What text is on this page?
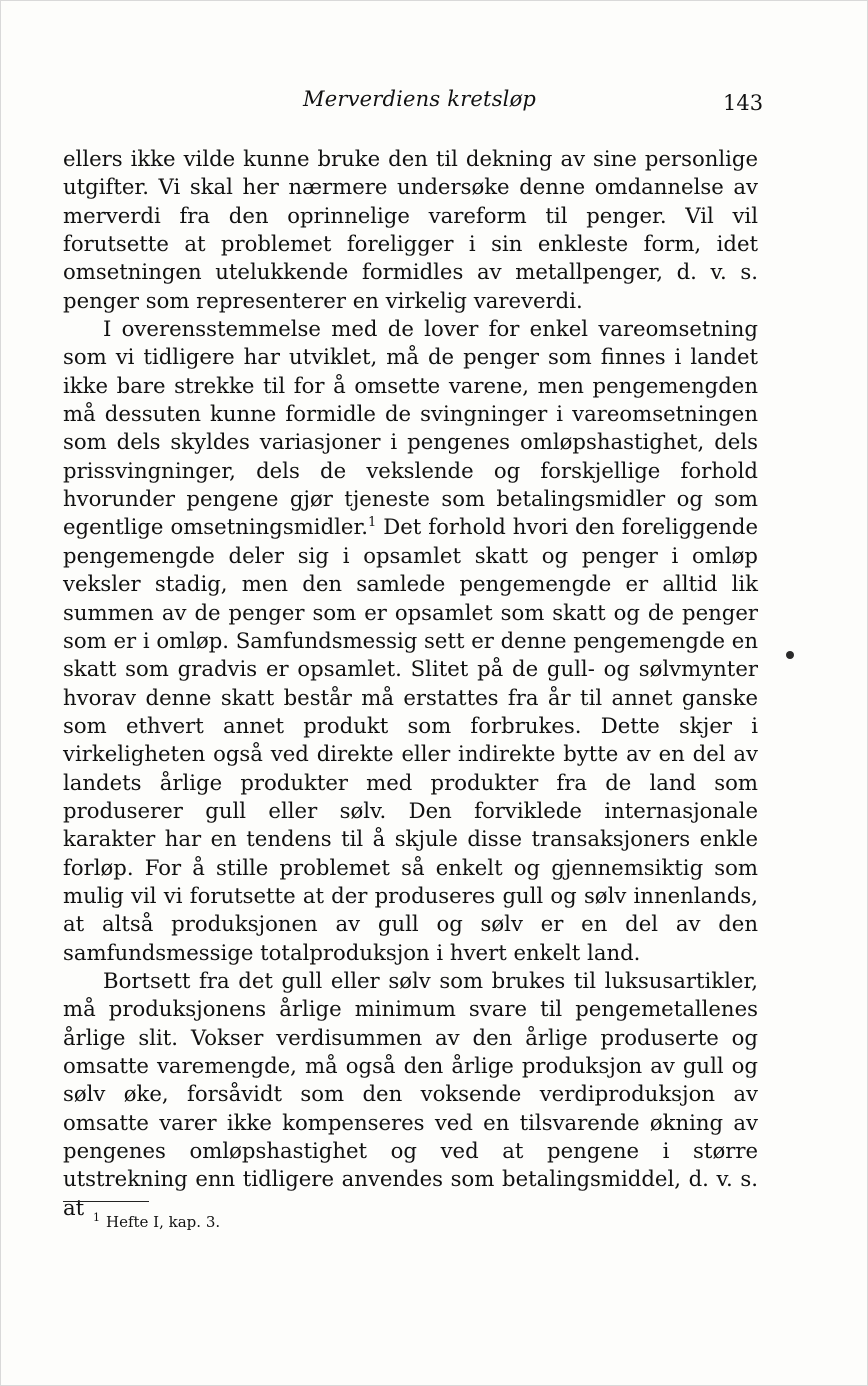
Merverdiens kretsløp	143

ellers ikke vilde kunne bruke den til dekning av sine personlige utgifter. Vi skal her nærmere undersøke denne omdannelse av merverdi fra den oprinnelige vareform til penger. Vil vil forutsette at problemet foreligger i sin enkleste form, idet omsetningen utelukkende formidles av metallpenger, d. v. s. penger som representerer en virkelig vareverdi.

I overensstemmelse med de lover for enkel vareomsetning som vi tidligere har utviklet, må de penger som finnes i landet ikke bare strekke til for å omsette varene, men pengemengden må dessuten kunne formidle de svingninger i vareomsetningen som dels skyldes variasjoner i pengenes omløpshastighet, dels prissvingninger, dels de vekslende og forskjellige forhold hvorunder pengene gjør tjeneste som betalingsmidler og som egentlige omsetningsmidler.$^1$ Det forhold hvori den foreliggende pengemengde deler sig i opsamlet skatt og penger i omløp veksler stadig, men den samlede pengemengde er alltid lik summen av de penger som er opsamlet som skatt og de penger som er i omløp. Samfundsmessig sett er denne pengemengde en skatt som gradvis er opsamlet. Slitet på de gull- og sølvmynter hvorav denne skatt består må erstattes fra år til annet ganske som ethvert annet produkt som forbrukes. Dette skjer i virkeligheten også ved direkte eller indirekte bytte av en del av landets årlige produkter med produkter fra de land som produserer gull eller sølv. Den forviklede internasjonale karakter har en tendens til å skjule disse transaksjoners enkle forløp. For å stille problemet så enkelt og gjennemsiktig som mulig vil vi forutsette at der produseres gull og sølv innenlands, at altså produksjonen av gull og sølv er en del av den samfundsmessige totalproduksjon i hvert enkelt land.

Bortsett fra det gull eller sølv som brukes til luksusartikler, må produksjonens årlige minimum svare til pengemetallenes årlige slit. Vokser verdisummen av den årlige produserte og omsatte varemengde, må også den årlige produksjon av gull og sølv øke, forsåvidt som den voksende verdiproduksjon av omsatte varer ikke kompenseres ved en tilsvarende økning av pengenes omløpshastighet og ved at pengene i større utstrekning enn tidligere anvendes som betalingsmiddel, d. v. s. at $^1$ Hefte I, kap. 3.
